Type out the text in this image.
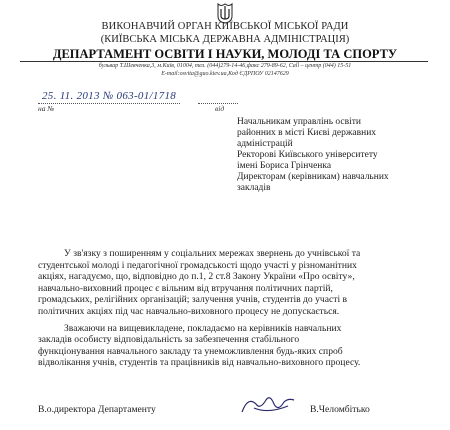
ВИКОНАВЧИЙ ОРГАН КИЇВСЬКОЇ МІСЬКОЇ РАДИ
(КИЇВСЬКА МІСЬКА ДЕРЖАВНА АДМІНІСТРАЦІЯ)
ДЕПАРТАМЕНТ ОСВІТИ І НАУКИ, МОЛОДІ ТА СПОРТУ
бульвар Т.Шевченка,3, м.Київ, 01004, тел. (044)279-14-46,факс 279-89-62, Call – центр (044) 15-51
E-mail:osvita@guo.kiev.ua,Код ЄДРПОУ 02147629
25. 11. 2013 № 063-01/1718
на №	від
Начальникам управлінь освіти
районних в місті Києві державних
адміністрацій
Ректорові Київського університету
імені Бориса Грінченка
Директорам (керівникам) навчальних
закладів
У зв'язку з поширенням у соціальних мережах звернень до учнівської та
студентської молоді і педагогічної громадськості щодо участі у різноманітних
акціях, нагадуємо, що, відповідно до п.1, 2 ст.8 Закону України «Про освіту»,
навчально-виховний процес є вільним від втручання політичних партій,
громадських, релігійних організацій; залучення учнів, студентів до участі в
політичних акціях під час навчально-виховного процесу не допускається.
Зважаючи на вищевикладене, покладаємо на керівників навчальних
закладів особисту відповідальність за забезпечення стабільного
функціонування навчального закладу та унеможливлення будь-яких спроб
відволікання учнів, студентів та працівників від навчально-виховного процесу.
В.о.директора Департаменту	В.Челомбітько
